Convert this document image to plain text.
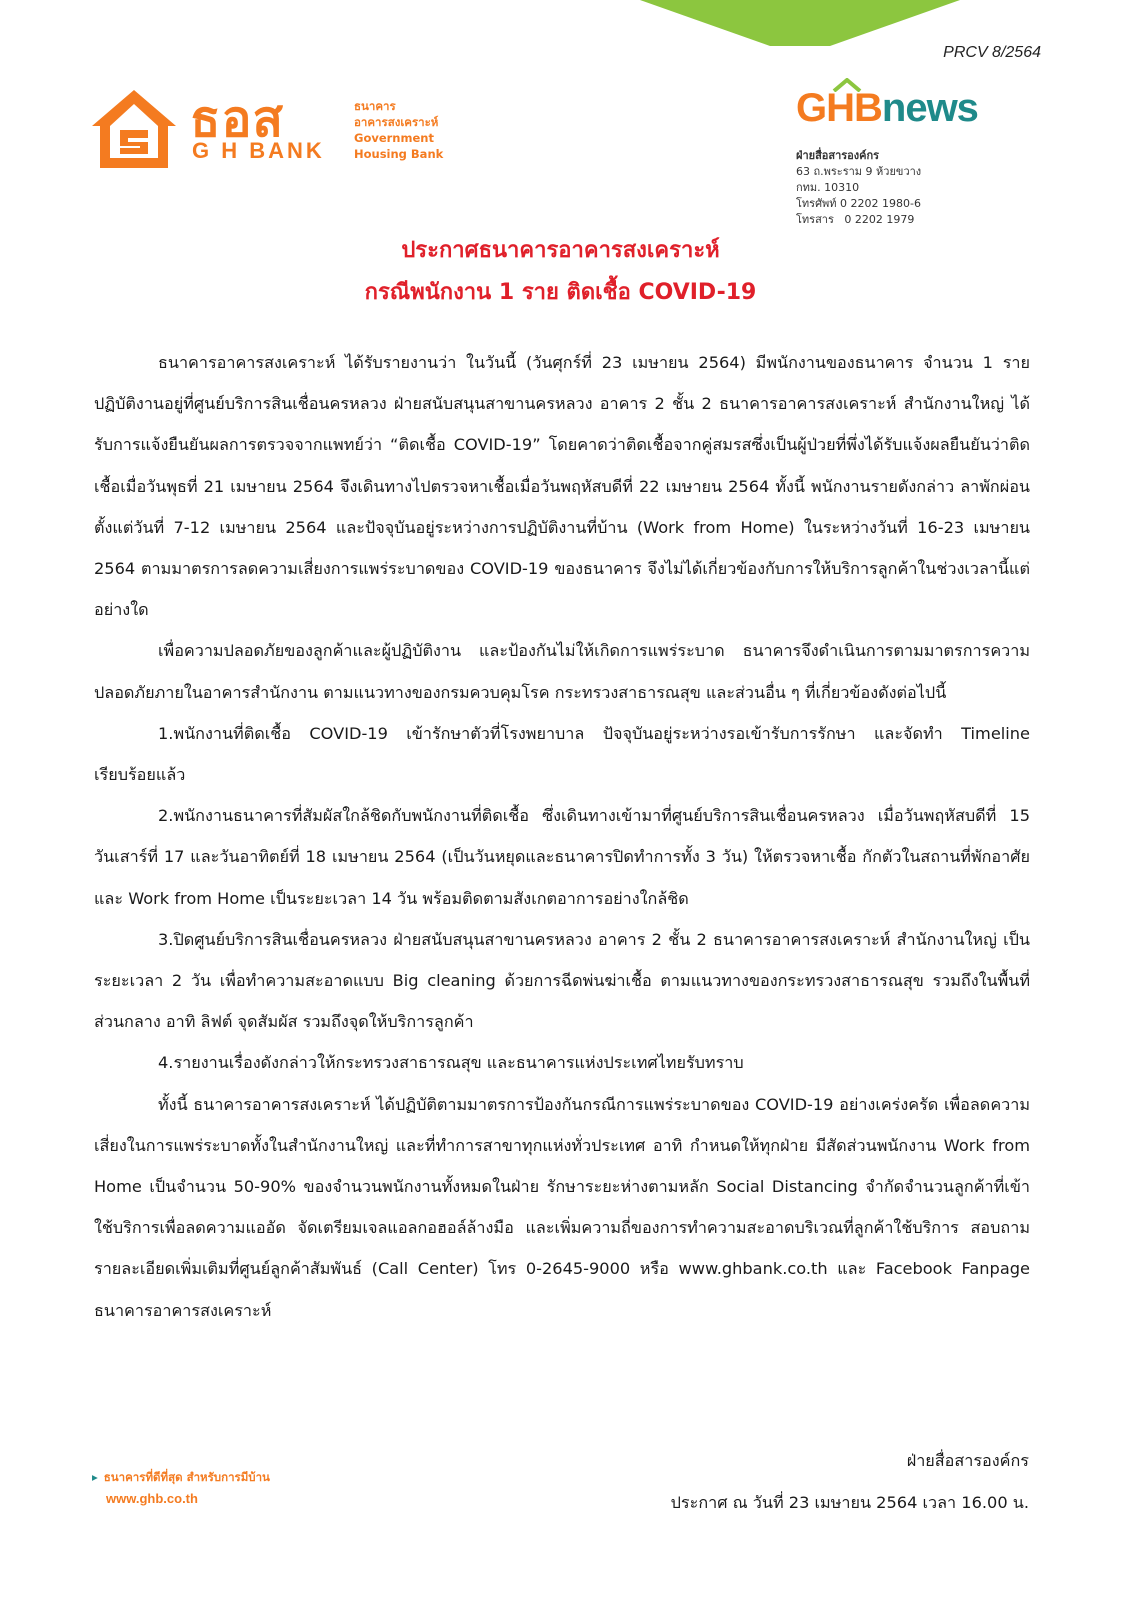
PRCV 8/2564
ธอส
G H BANK
ธนาคาร
อาคารสงเคราะห์
Government
Housing Bank
GHBnews
ฝ่ายสื่อสารองค์กร
63 ถ.พระราม 9 ห้วยขวาง
กทม. 10310
โทรศัพท์ 0 2202 1980-6
โทรสาร   0 2202 1979
ประกาศธนาคารอาคารสงเคราะห์
กรณีพนักงาน 1 ราย ติดเชื้อ COVID-19

ธนาคารอาคารสงเคราะห์ ได้รับรายงานว่า ในวันนี้ (วันศุกร์ที่ 23 เมษายน 2564) มีพนักงานของธนาคาร จำนวน 1 ราย ปฏิบัติงานอยู่ที่ศูนย์บริการสินเชื่อนครหลวง ฝ่ายสนับสนุนสาขานครหลวง อาคาร 2 ชั้น 2 ธนาคารอาคารสงเคราะห์ สำนักงานใหญ่ ได้รับการแจ้งยืนยันผลการตรวจจากแพทย์ว่า “ติดเชื้อ COVID-19” โดยคาดว่าติดเชื้อจากคู่สมรสซึ่งเป็นผู้ป่วยที่พึ่งได้รับแจ้งผลยืนยันว่าติดเชื้อเมื่อวันพุธที่ 21 เมษายน 2564 จึงเดินทางไปตรวจหาเชื้อเมื่อวันพฤหัสบดีที่ 22 เมษายน 2564 ทั้งนี้ พนักงานรายดังกล่าว ลาพักผ่อนตั้งแต่วันที่ 7-12 เมษายน 2564 และปัจจุบันอยู่ระหว่างการปฏิบัติงานที่บ้าน (Work from Home) ในระหว่างวันที่ 16-23 เมษายน 2564 ตามมาตรการลดความเสี่ยงการแพร่ระบาดของ COVID-19 ของธนาคาร จึงไม่ได้เกี่ยวข้องกับการให้บริการลูกค้าในช่วงเวลานี้แต่อย่างใด

เพื่อความปลอดภัยของลูกค้าและผู้ปฏิบัติงาน และป้องกันไม่ให้เกิดการแพร่ระบาด ธนาคารจึงดำเนินการตามมาตรการความปลอดภัยภายในอาคารสำนักงาน ตามแนวทางของกรมควบคุมโรค กระทรวงสาธารณสุข และส่วนอื่น ๆ ที่เกี่ยวข้องดังต่อไปนี้

1.พนักงานที่ติดเชื้อ COVID-19 เข้ารักษาตัวที่โรงพยาบาล ปัจจุบันอยู่ระหว่างรอเข้ารับการรักษา และจัดทำ Timeline เรียบร้อยแล้ว

2.พนักงานธนาคารที่สัมผัสใกล้ชิดกับพนักงานที่ติดเชื้อ ซึ่งเดินทางเข้ามาที่ศูนย์บริการสินเชื่อนครหลวง เมื่อวันพฤหัสบดีที่ 15 วันเสาร์ที่ 17 และวันอาทิตย์ที่ 18 เมษายน 2564 (เป็นวันหยุดและธนาคารปิดทำการทั้ง 3 วัน) ให้ตรวจหาเชื้อ กักตัวในสถานที่พักอาศัย และ Work from Home เป็นระยะเวลา 14 วัน พร้อมติดตามสังเกตอาการอย่างใกล้ชิด

3.ปิดศูนย์บริการสินเชื่อนครหลวง ฝ่ายสนับสนุนสาขานครหลวง อาคาร 2 ชั้น 2 ธนาคารอาคารสงเคราะห์ สำนักงานใหญ่ เป็นระยะเวลา 2 วัน เพื่อทำความสะอาดแบบ Big cleaning ด้วยการฉีดพ่นฆ่าเชื้อ ตามแนวทางของกระทรวงสาธารณสุข รวมถึงในพื้นที่ส่วนกลาง อาทิ ลิฟต์ จุดสัมผัส รวมถึงจุดให้บริการลูกค้า

4.รายงานเรื่องดังกล่าวให้กระทรวงสาธารณสุข และธนาคารแห่งประเทศไทยรับทราบ

ทั้งนี้ ธนาคารอาคารสงเคราะห์ ได้ปฏิบัติตามมาตรการป้องกันกรณีการแพร่ระบาดของ COVID-19 อย่างเคร่งครัด เพื่อลดความเสี่ยงในการแพร่ระบาดทั้งในสำนักงานใหญ่ และที่ทำการสาขาทุกแห่งทั่วประเทศ อาทิ กำหนดให้ทุกฝ่าย มีสัดส่วนพนักงาน Work from Home เป็นจำนวน 50-90% ของจำนวนพนักงานทั้งหมดในฝ่าย รักษาระยะห่างตามหลัก Social Distancing จำกัดจำนวนลูกค้าที่เข้าใช้บริการเพื่อลดความแออัด จัดเตรียมเจลแอลกอฮอล์ล้างมือ และเพิ่มความถี่ของการทำความสะอาดบริเวณที่ลูกค้าใช้บริการ สอบถามรายละเอียดเพิ่มเติมที่ศูนย์ลูกค้าสัมพันธ์ (Call Center) โทร 0-2645-9000 หรือ www.ghbank.co.th และ Facebook Fanpage ธนาคารอาคารสงเคราะห์

▸ ธนาคารที่ดีที่สุด สำหรับการมีบ้าน
www.ghb.co.th
ฝ่ายสื่อสารองค์กร
ประกาศ ณ วันที่ 23 เมษายน 2564 เวลา 16.00 น.
